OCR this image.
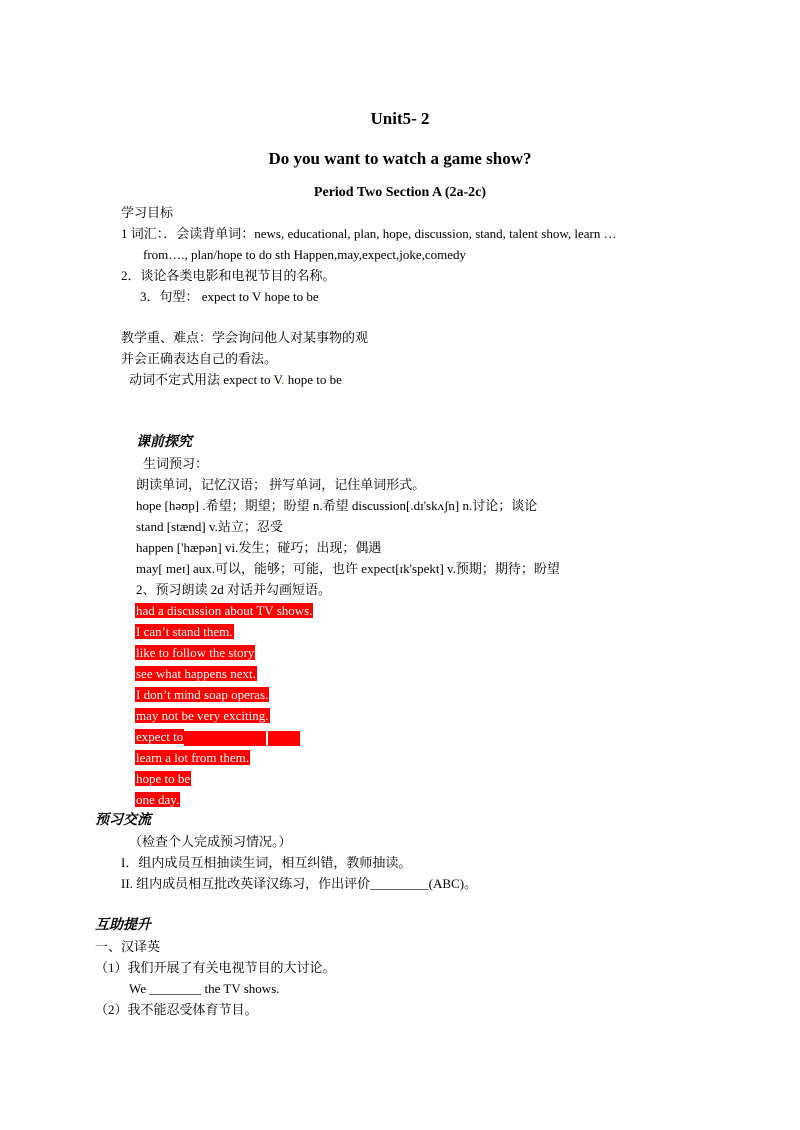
Unit5- 2
Do you want to watch a game show?
Period Two Section A (2a-2c)
学习目标
1 词汇：．会读背单词：news, educational, plan, hope, discussion, stand, talent show, learn …
from…., plan/hope to do sth Happen,may,expect,joke,comedy
2．谈论各类电影和电视节目的名称。
3．句型： expect to V hope to be
教学重、难点：学会询问他人对某事物的观
并会正确表达自己的看法。
动词不定式用法 expect to V. hope to be
课前探究
生词预习：
朗读单词，记忆汉语； 拼写单词，记住单词形式。
hope [həʊp] .希望；期望；盼望 n.希望 discussion[.dɪ'skʌʃn] n.讨论；谈论
stand [stænd] v.站立；忍受
happen ['hæpən] vi.发生；碰巧；出现；偶遇
may[ meɪ] aux.可以，能够；可能，也许 expect[ɪk'spekt] v.预期；期待；盼望
2、预习朗读 2d 对话并勾画短语。
had a discussion about TV shows.
I can’t stand them.
like to follow the story
see what happens next.
I don’t mind soap operas.
may not be very exciting.
expect to
learn a lot from them.
hope to be
one day.
预习交流
（检查个人完成预习情况。）
I．组内成员互相抽读生词，相互纠错，教师抽读。
II. 组内成员相互批改英译汉练习，作出评价_________(ABC)。
互助提升
一、汉译英
（1）我们开展了有关电视节目的大讨论。
We ________ the TV shows.
（2）我不能忍受体育节目。
